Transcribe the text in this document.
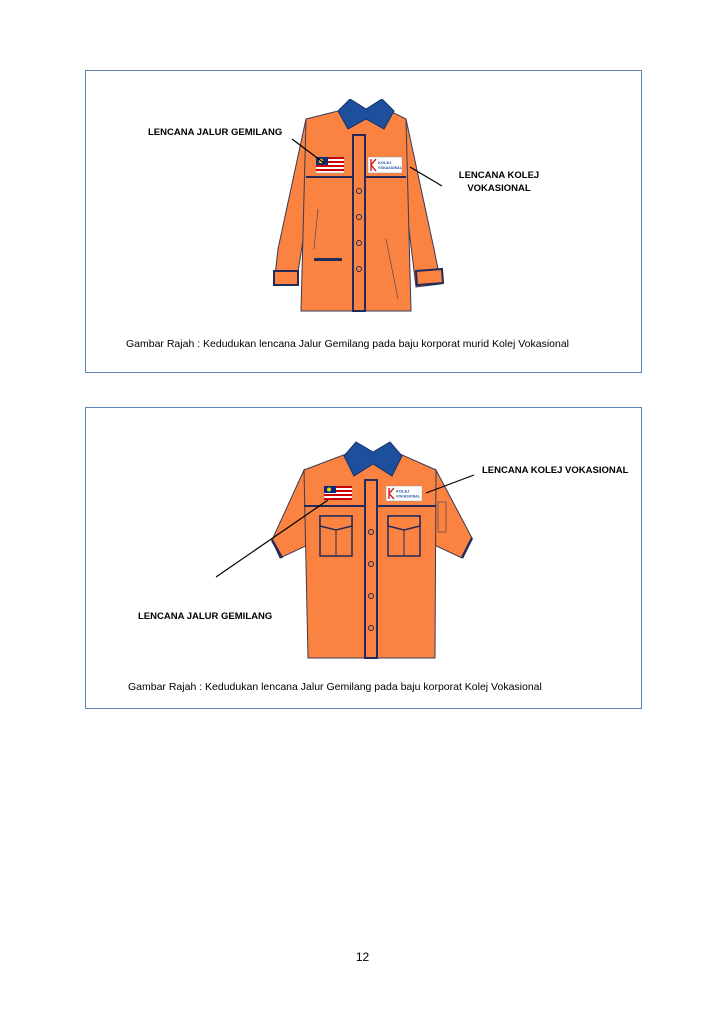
KOLEJ
VOKASIONAL
LENCANA JALUR GEMILANG
LENCANA KOLEJ
VOKASIONAL
Gambar Rajah : Kedudukan lencana Jalur Gemilang pada baju korporat murid Kolej Vokasional
KOLEJ
VOKASIONAL
LENCANA KOLEJ VOKASIONAL
LENCANA JALUR GEMILANG
Gambar Rajah : Kedudukan lencana Jalur Gemilang pada baju korporat Kolej Vokasional
12
